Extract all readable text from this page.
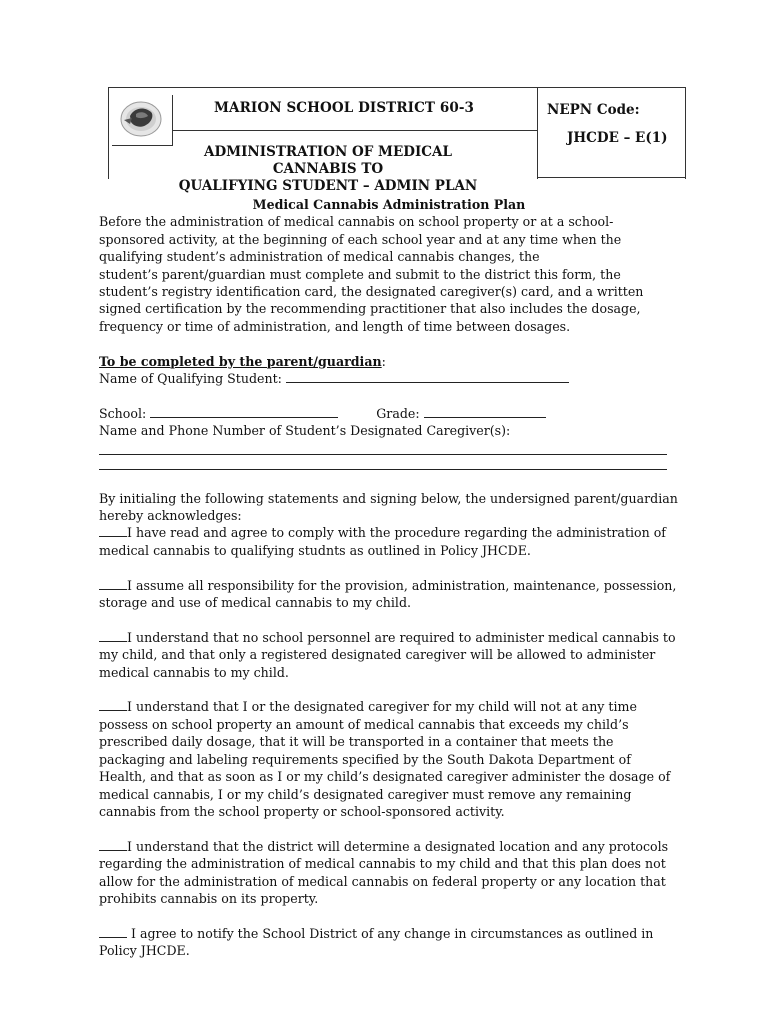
MARION SCHOOL DISTRICT 60-3
ADMINISTRATION OF MEDICAL CANNABIS TO
QUALIFYING STUDENT – ADMIN PLAN
NEPN Code:
JHCDE – E(1)

Medical Cannabis Administration Plan

Before the administration of medical cannabis on school property or at a school-sponsored activity, at the beginning of each school year and at any time when the qualifying student’s administration of medical cannabis changes, the

student’s parent/guardian must complete and submit to the district this form, the student’s registry identification card, the designated caregiver(s) card, and a written signed certification by the recommending practitioner that also includes the dosage, frequency or time of administration, and length of time between dosages.

To be completed by the parent/guardian:

Name of Qualifying Student:

School:	Grade:

Name and Phone Number of Student’s Designated Caregiver(s):

By initialing the following statements and signing below, the undersigned parent/guardian hereby acknowledges:

I have read and agree to comply with the procedure regarding the administration of medical cannabis to qualifying studnts as outlined in Policy JHCDE.

I assume all responsibility for the provision, administration, maintenance, possession, storage and use of medical cannabis to my child.

I understand that no school personnel are required to administer medical cannabis to my child, and that only a registered designated caregiver will be allowed to administer medical cannabis to my child.

I understand that I or the designated caregiver for my child will not at any time possess on school property an amount of medical cannabis that exceeds my child’s prescribed daily dosage, that it will be transported in a container that meets the packaging and labeling requirements specified by the South Dakota Department of Health, and that as soon as I or my child’s designated caregiver administer the dosage of medical cannabis, I or my child’s designated caregiver must remove any remaining cannabis from the school property or school-sponsored activity.

I understand that the district will determine a designated location and any protocols regarding the administration of medical cannabis to my child and that this plan does not allow for the administration of medical cannabis on federal property or any location that prohibits cannabis on its property.

I agree to notify the School District of any change in circumstances as outlined in Policy JHCDE.
